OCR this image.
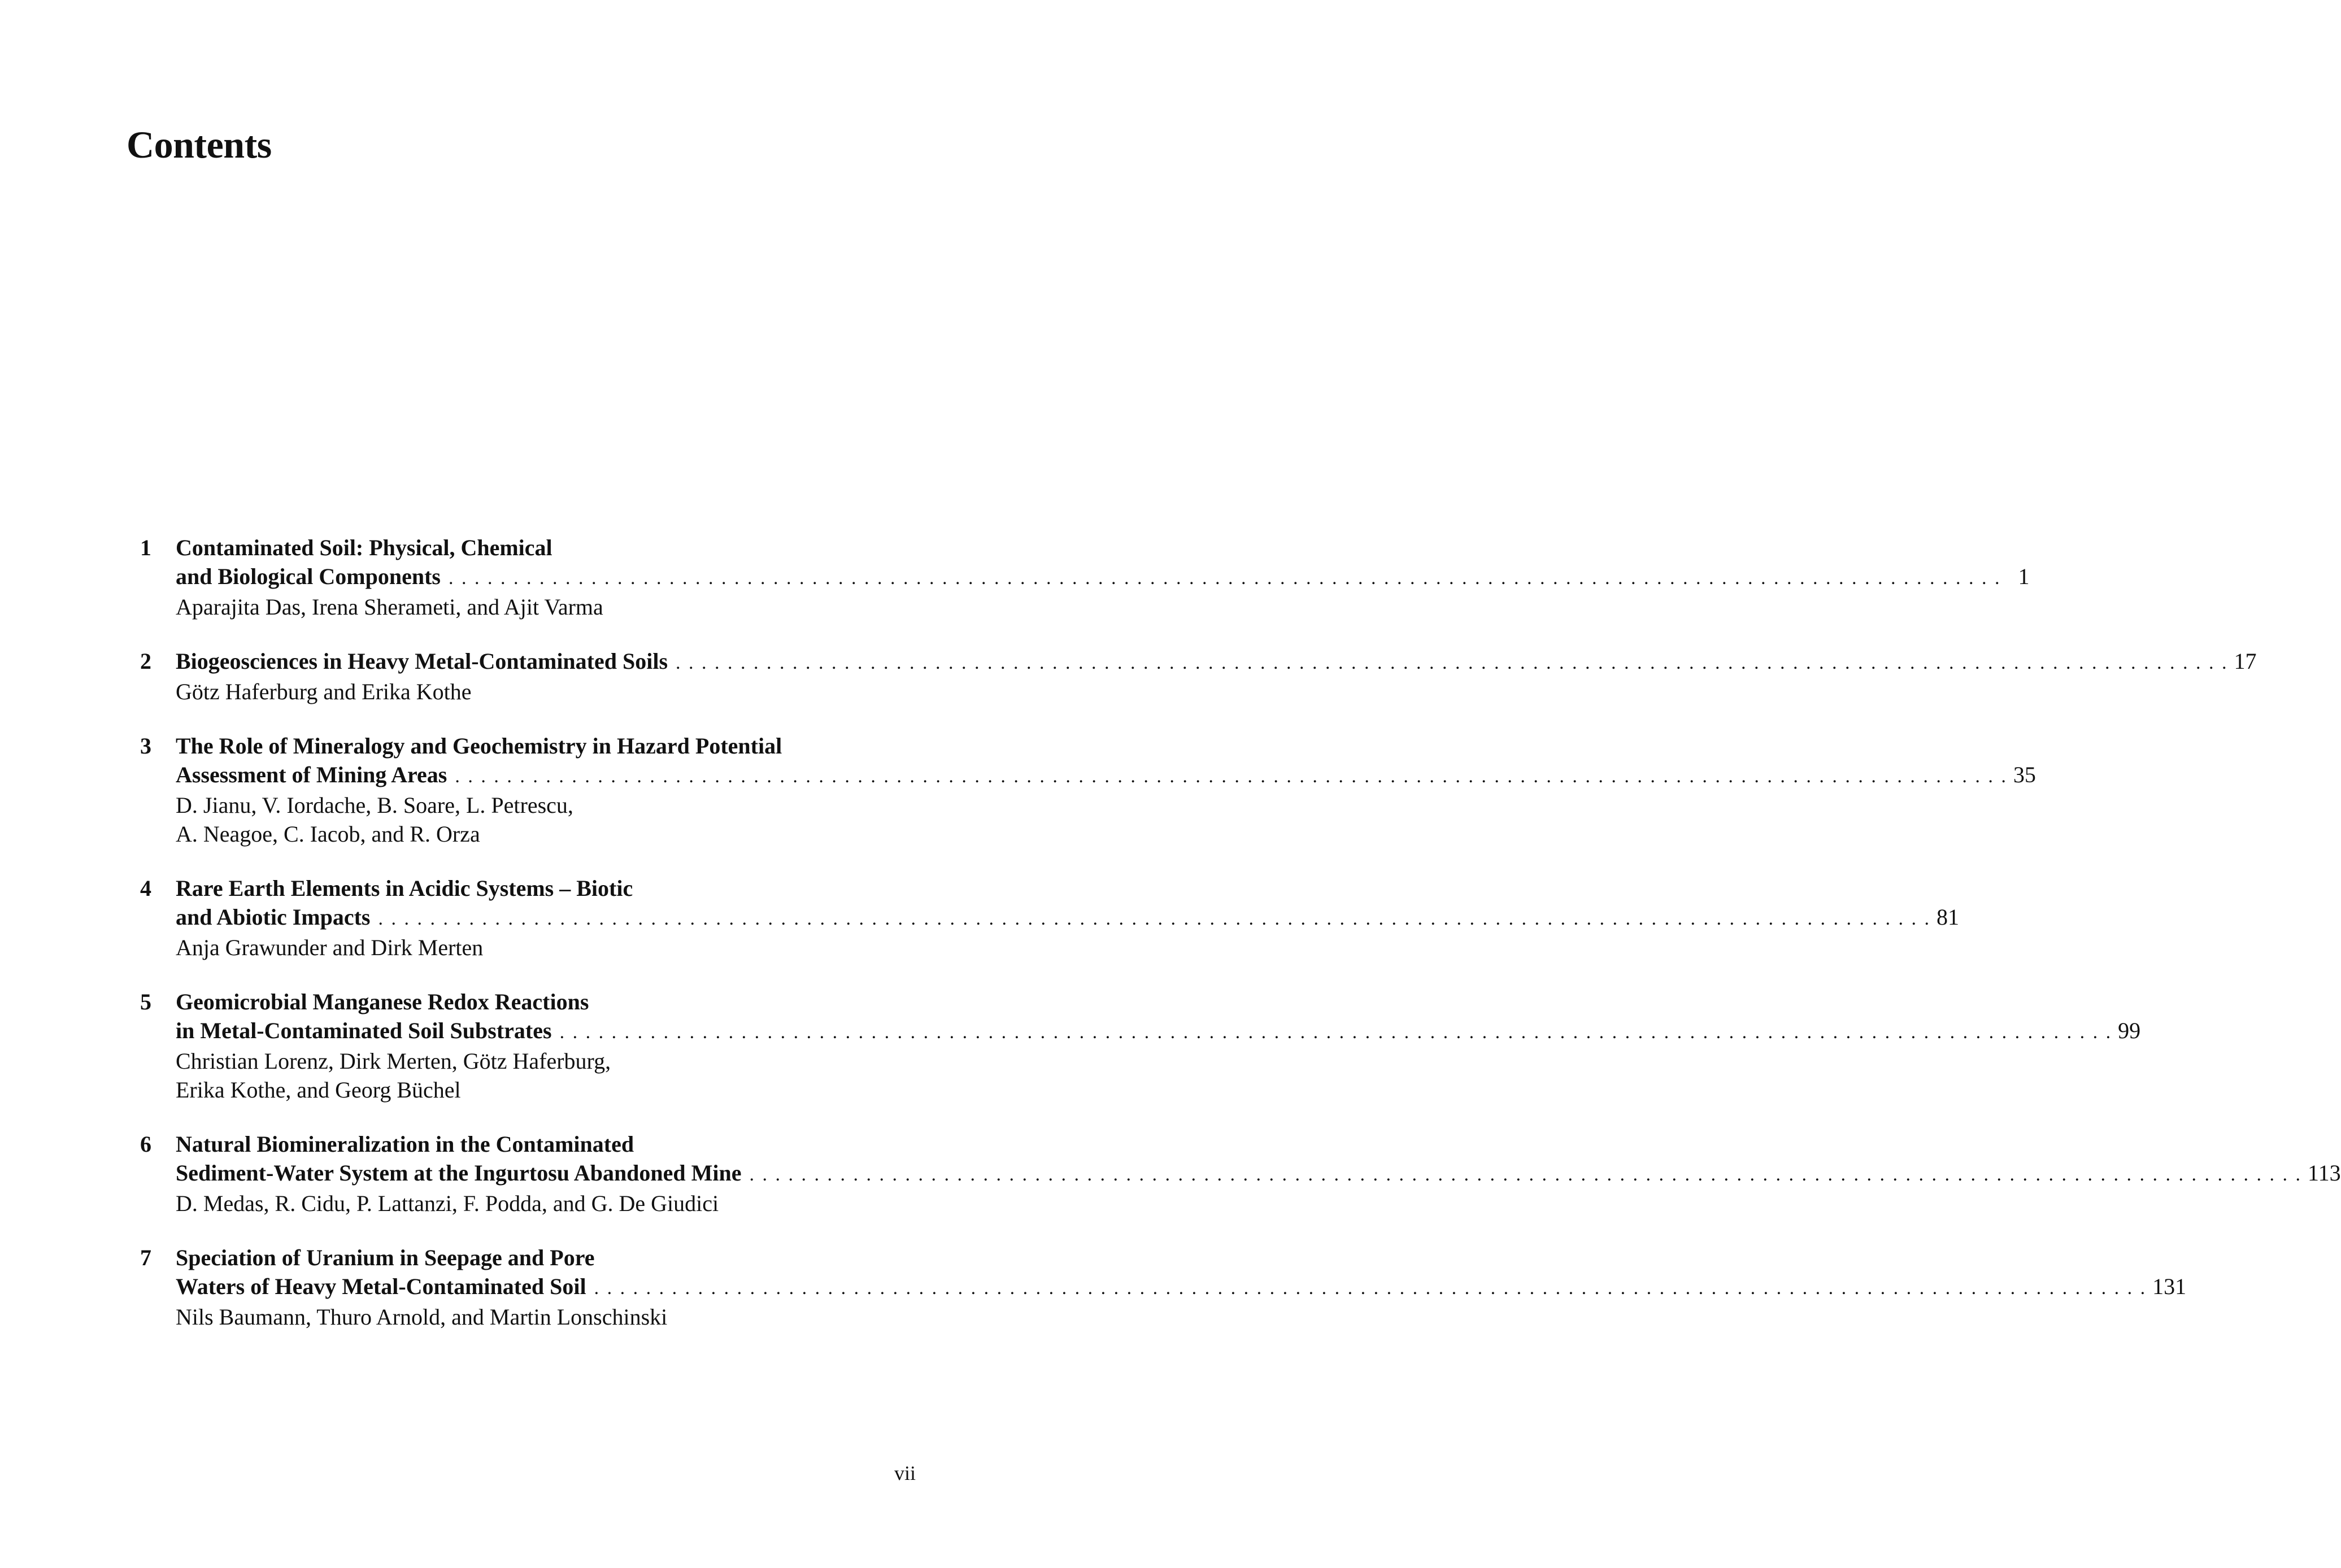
Contents
1 Contaminated Soil: Physical, Chemical
and Biological Components . . . . . . . . . . . . . . . . . . . . . . . . . . . . . . . . . . . . . . . . . . . . . . . . . . . . . . . . . . . . . . . . . . . . . . . . . . . . . . . . . . . . . . . . . . . . . . . . . . . . . . . . . . . . . . . . . . . . . . . . 1
Aparajita Das, Irena Sherameti, and Ajit Varma
2 Biogeosciences in Heavy Metal-Contaminated Soils . . . . . . . . . . . . . . . . . . . . . . . . . . . . . . . . . . . . . . . . . . . . . . . . . . . . . . . . . . . . . . . . . . . . . . . . . . . . . . . . . . . . . . . . . . . . . . . . . . . . . . . . . . . . . . . . . . . . . . . . 17
Götz Haferburg and Erika Kothe
3 The Role of Mineralogy and Geochemistry in Hazard Potential
Assessment of Mining Areas . . . . . . . . . . . . . . . . . . . . . . . . . . . . . . . . . . . . . . . . . . . . . . . . . . . . . . . . . . . . . . . . . . . . . . . . . . . . . . . . . . . . . . . . . . . . . . . . . . . . . . . . . . . . . . . . . . . . . . . . 35
D. Jianu, V. Iordache, B. Soare, L. Petrescu,
A. Neagoe, C. Iacob, and R. Orza
4 Rare Earth Elements in Acidic Systems – Biotic
and Abiotic Impacts . . . . . . . . . . . . . . . . . . . . . . . . . . . . . . . . . . . . . . . . . . . . . . . . . . . . . . . . . . . . . . . . . . . . . . . . . . . . . . . . . . . . . . . . . . . . . . . . . . . . . . . . . . . . . . . . . . . . . . . . 81
Anja Grawunder and Dirk Merten
5 Geomicrobial Manganese Redox Reactions
in Metal-Contaminated Soil Substrates . . . . . . . . . . . . . . . . . . . . . . . . . . . . . . . . . . . . . . . . . . . . . . . . . . . . . . . . . . . . . . . . . . . . . . . . . . . . . . . . . . . . . . . . . . . . . . . . . . . . . . . . . . . . . . . . . . . . . . . . 99
Christian Lorenz, Dirk Merten, Götz Haferburg,
Erika Kothe, and Georg Büchel
6 Natural Biomineralization in the Contaminated
Sediment-Water System at the Ingurtosu Abandoned Mine . . . . . . . . . . . . . . . . . . . . . . . . . . . . . . . . . . . . . . . . . . . . . . . . . . . . . . . . . . . . . . . . . . . . . . . . . . . . . . . . . . . . . . . . . . . . . . . . . . . . . . . . . . . . . . . . . . . . . . . . 113
D. Medas, R. Cidu, P. Lattanzi, F. Podda, and G. De Giudici
7 Speciation of Uranium in Seepage and Pore
Waters of Heavy Metal-Contaminated Soil . . . . . . . . . . . . . . . . . . . . . . . . . . . . . . . . . . . . . . . . . . . . . . . . . . . . . . . . . . . . . . . . . . . . . . . . . . . . . . . . . . . . . . . . . . . . . . . . . . . . . . . . . . . . . . . . . . . . . . . . 131
Nils Baumann, Thuro Arnold, and Martin Lonschinski
vii
